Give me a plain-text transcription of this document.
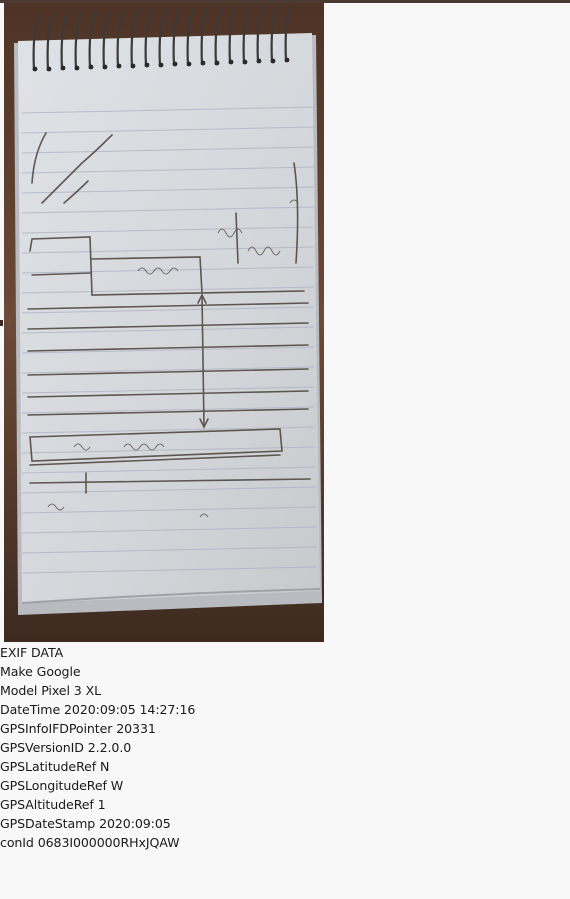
EXIF DATA
Make Google
Model Pixel 3 XL
DateTime 2020:09:05 14:27:16
GPSInfoIFDPointer 20331
GPSVersionID 2.2.0.0
GPSLatitudeRef N
GPSLongitudeRef W
GPSAltitudeRef 1
GPSDateStamp 2020:09:05
conId 0683I000000RHxJQAW
